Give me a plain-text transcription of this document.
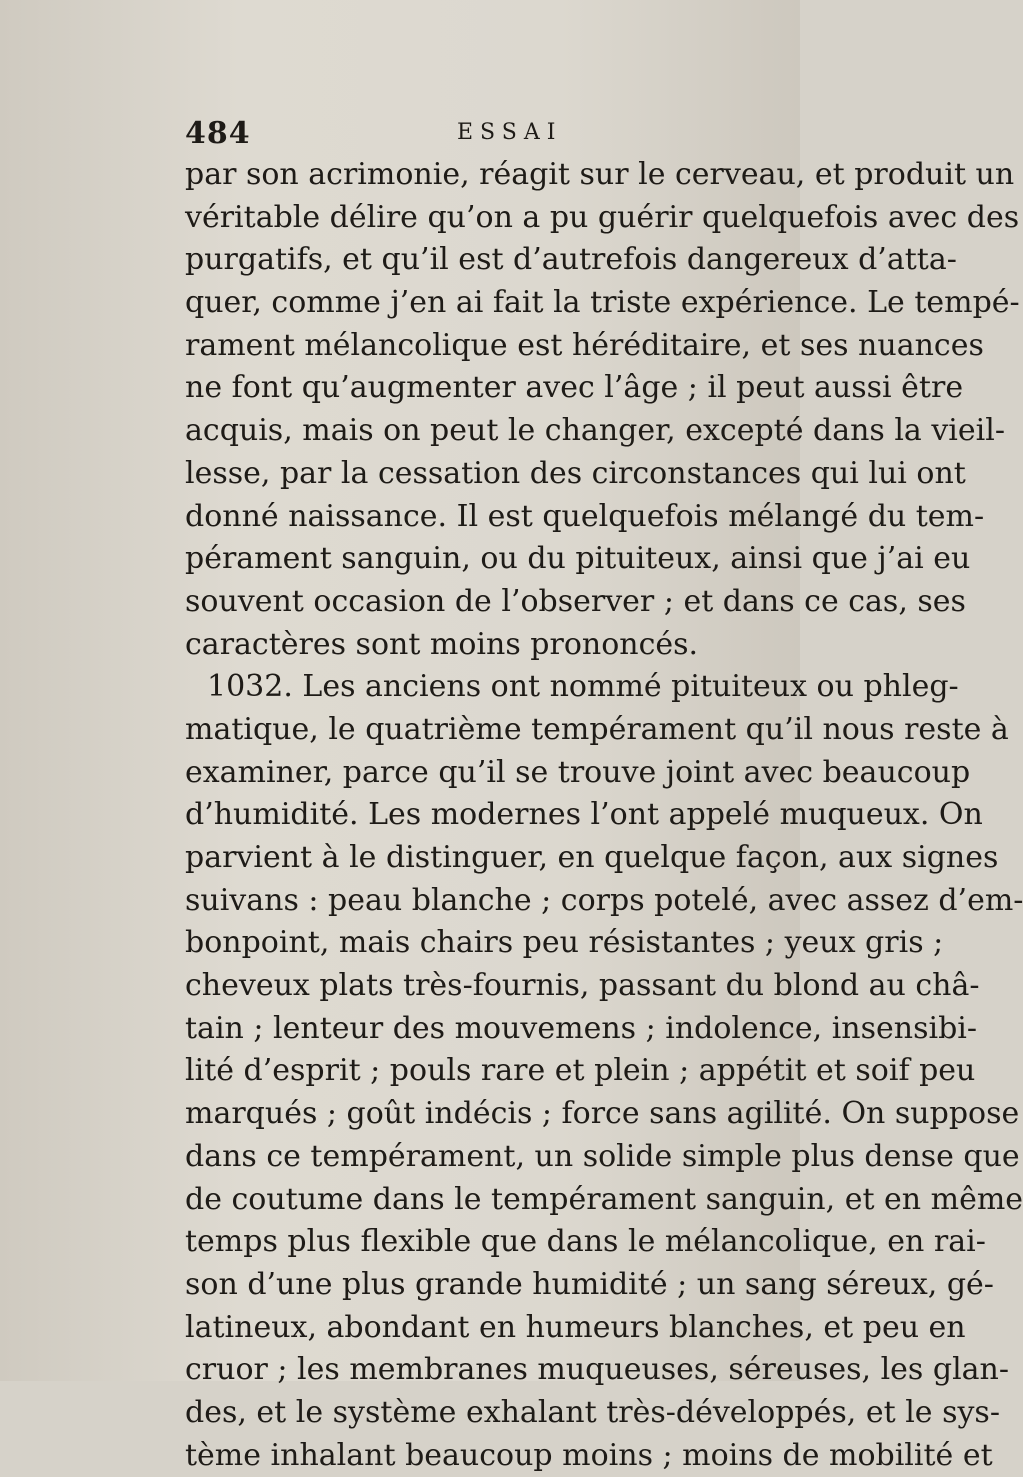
484	ESSAI
par son acrimonie, réagit sur le cerveau, et produit un
véritable délire qu’on a pu guérir quelquefois avec des
purgatifs, et qu’il est d’autrefois dangereux d’atta-
quer, comme j’en ai fait la triste expérience. Le tempé-
rament mélancolique est héréditaire, et ses nuances
ne font qu’augmenter avec l’âge ; il peut aussi être
acquis, mais on peut le changer, excepté dans la vieil-
lesse, par la cessation des circonstances qui lui ont
donné naissance. Il est quelquefois mélangé du tem-
pérament sanguin, ou du pituiteux, ainsi que j’ai eu
souvent occasion de l’observer ; et dans ce cas, ses
caractères sont moins prononcés.
1032. Les anciens ont nommé pituiteux ou phleg-
matique, le quatrième tempérament qu’il nous reste à
examiner, parce qu’il se trouve joint avec beaucoup
d’humidité. Les modernes l’ont appelé muqueux. On
parvient à le distinguer, en quelque façon, aux signes
suivans : peau blanche ; corps potelé, avec assez d’em-
bonpoint, mais chairs peu résistantes ; yeux gris ;
cheveux plats très-fournis, passant du blond au châ-
tain ; lenteur des mouvemens ; indolence, insensibi-
lité d’esprit ; pouls rare et plein ; appétit et soif peu
marqués ; goût indécis ; force sans agilité. On suppose
dans ce tempérament, un solide simple plus dense que
de coutume dans le tempérament sanguin, et en même
temps plus flexible que dans le mélancolique, en rai-
son d’une plus grande humidité ; un sang séreux, gé-
latineux, abondant en humeurs blanches, et peu en
cruor ; les membranes muqueuses, séreuses, les glan-
des, et le système exhalant très-développés, et le sys-
tème inhalant beaucoup moins ; moins de mobilité et
